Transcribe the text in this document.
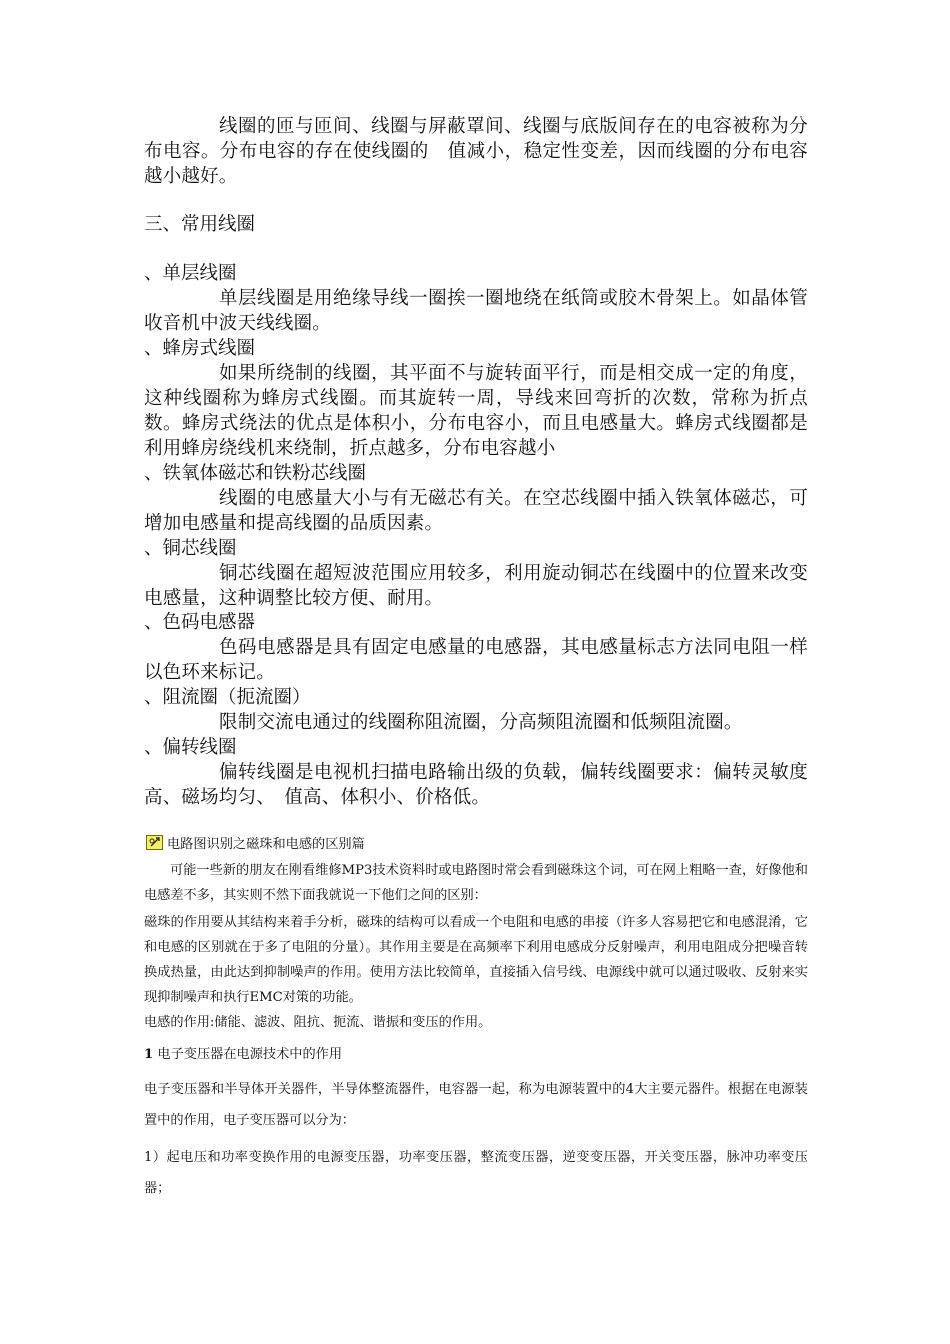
线圈的匝与匝间、线圈与屏蔽罩间、线圈与底版间存在的电容被称为分布电容。分布电容的存在使线圈的　值减小，稳定性变差，因而线圈的分布电容越小越好。
三、常用线圈
、单层线圈
单层线圈是用绝缘导线一圈挨一圈地绕在纸筒或胶木骨架上。如晶体管收音机中波天线线圈。
、蜂房式线圈
如果所绕制的线圈，其平面不与旋转面平行，而是相交成一定的角度，这种线圈称为蜂房式线圈。而其旋转一周，导线来回弯折的次数，常称为折点数。蜂房式绕法的优点是体积小，分布电容小，而且电感量大。蜂房式线圈都是利用蜂房绕线机来绕制，折点越多，分布电容越小
、铁氧体磁芯和铁粉芯线圈
线圈的电感量大小与有无磁芯有关。在空芯线圈中插入铁氧体磁芯，可增加电感量和提高线圈的品质因素。
、铜芯线圈
铜芯线圈在超短波范围应用较多，利用旋动铜芯在线圈中的位置来改变电感量，这种调整比较方便、耐用。
、色码电感器
色码电感器是具有固定电感量的电感器，其电感量标志方法同电阻一样以色环来标记。
、阻流圈（扼流圈）
限制交流电通过的线圈称阻流圈，分高频阻流圈和低频阻流圈。
、偏转线圈
偏转线圈是电视机扫描电路输出级的负载，偏转线圈要求：偏转灵敏度高、磁场均匀、　值高、体积小、价格低。
电路图识别之磁珠和电感的区别篇
可能一些新的朋友在刚看维修MP3技术资料时或电路图时常会看到磁珠这个词，可在网上粗略一查，好像他和电感差不多，其实则不然下面我就说一下他们之间的区别：
磁珠的作用要从其结构来着手分析，磁珠的结构可以看成一个电阻和电感的串接（许多人容易把它和电感混淆，它和电感的区别就在于多了电阻的分量）。其作用主要是在高频率下利用电感成分反射噪声，利用电阻成分把噪音转换成热量，由此达到抑制噪声的作用。使用方法比较简单，直接插入信号线、电源线中就可以通过吸收、反射来实现抑制噪声和执行EMC对策的功能。
电感的作用:储能、滤波、阻抗、扼流、谐振和变压的作用。
1 电子变压器在电源技术中的作用
电子变压器和半导体开关器件，半导体整流器件，电容器一起，称为电源装置中的4大主要元器件。根据在电源装置中的作用，电子变压器可以分为：
1）起电压和功率变换作用的电源变压器，功率变压器，整流变压器，逆变变压器，开关变压器，脉冲功率变压器；
